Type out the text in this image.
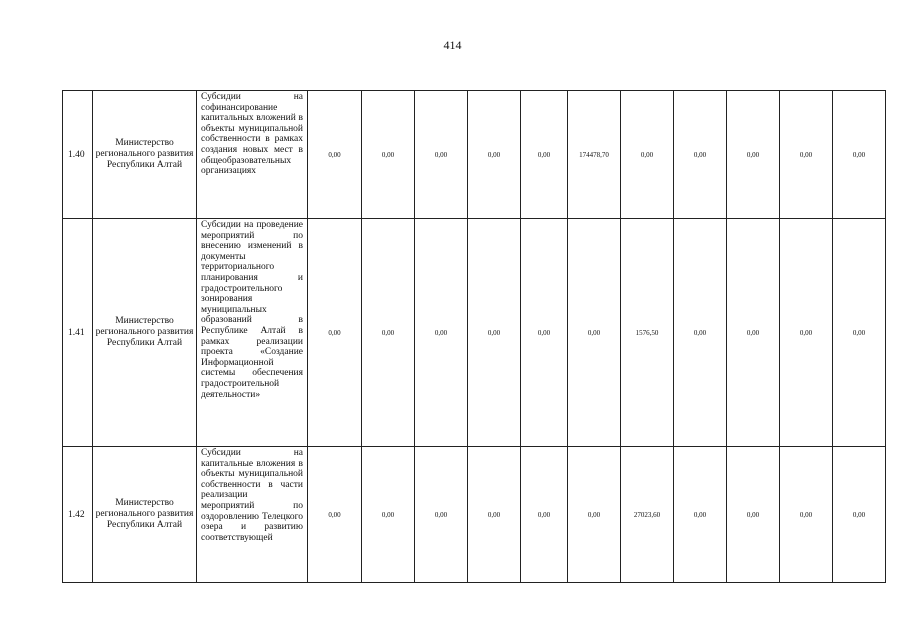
414
1.40	Министерство регионального развития Республики Алтай	Субсидии на софинансирование капитальных вложений в объекты муниципальной собственности в рамках создания новых мест в общеобразовательных организациях	0,00	0,00	0,00	0,00	0,00	174478,70	0,00	0,00	0,00	0,00	0,00
1.41	Министерство регионального развития Республики Алтай	Субсидии на проведение мероприятий по внесению изменений в документы территориального планирования и градостроительного зонирования муниципальных образований в Республике Алтай в рамках реализации проекта «Создание Информационной системы обеспечения градостроительной деятельности»	0,00	0,00	0,00	0,00	0,00	0,00	1576,50	0,00	0,00	0,00	0,00
1.42	Министерство регионального развития Республики Алтай	Субсидии на капитальные вложения в объекты муниципальной собственности в части реализации мероприятий по оздоровлению Телецкого озера и развитию соответствующей	0,00	0,00	0,00	0,00	0,00	0,00	27023,60	0,00	0,00	0,00	0,00
